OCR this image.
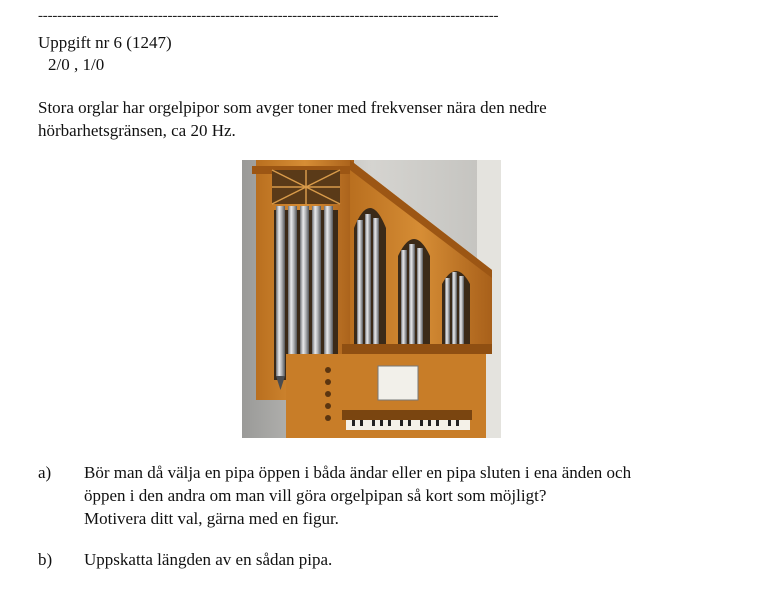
------------------------------------------------------------------------------------------------
Uppgift nr 6 (1247)
2/0 , 1/0
Stora orglar har orgelpipor som avger toner med frekvenser nära den nedre hörbarhetsgränsen, ca 20 Hz.
a) Bör man då välja en pipa öppen i båda ändar eller en pipa sluten i ena änden och
öppen i den andra om man vill göra orgelpipan så kort som möjligt?
Motivera ditt val, gärna med en figur.
b) Uppskatta längden av en sådan pipa.
